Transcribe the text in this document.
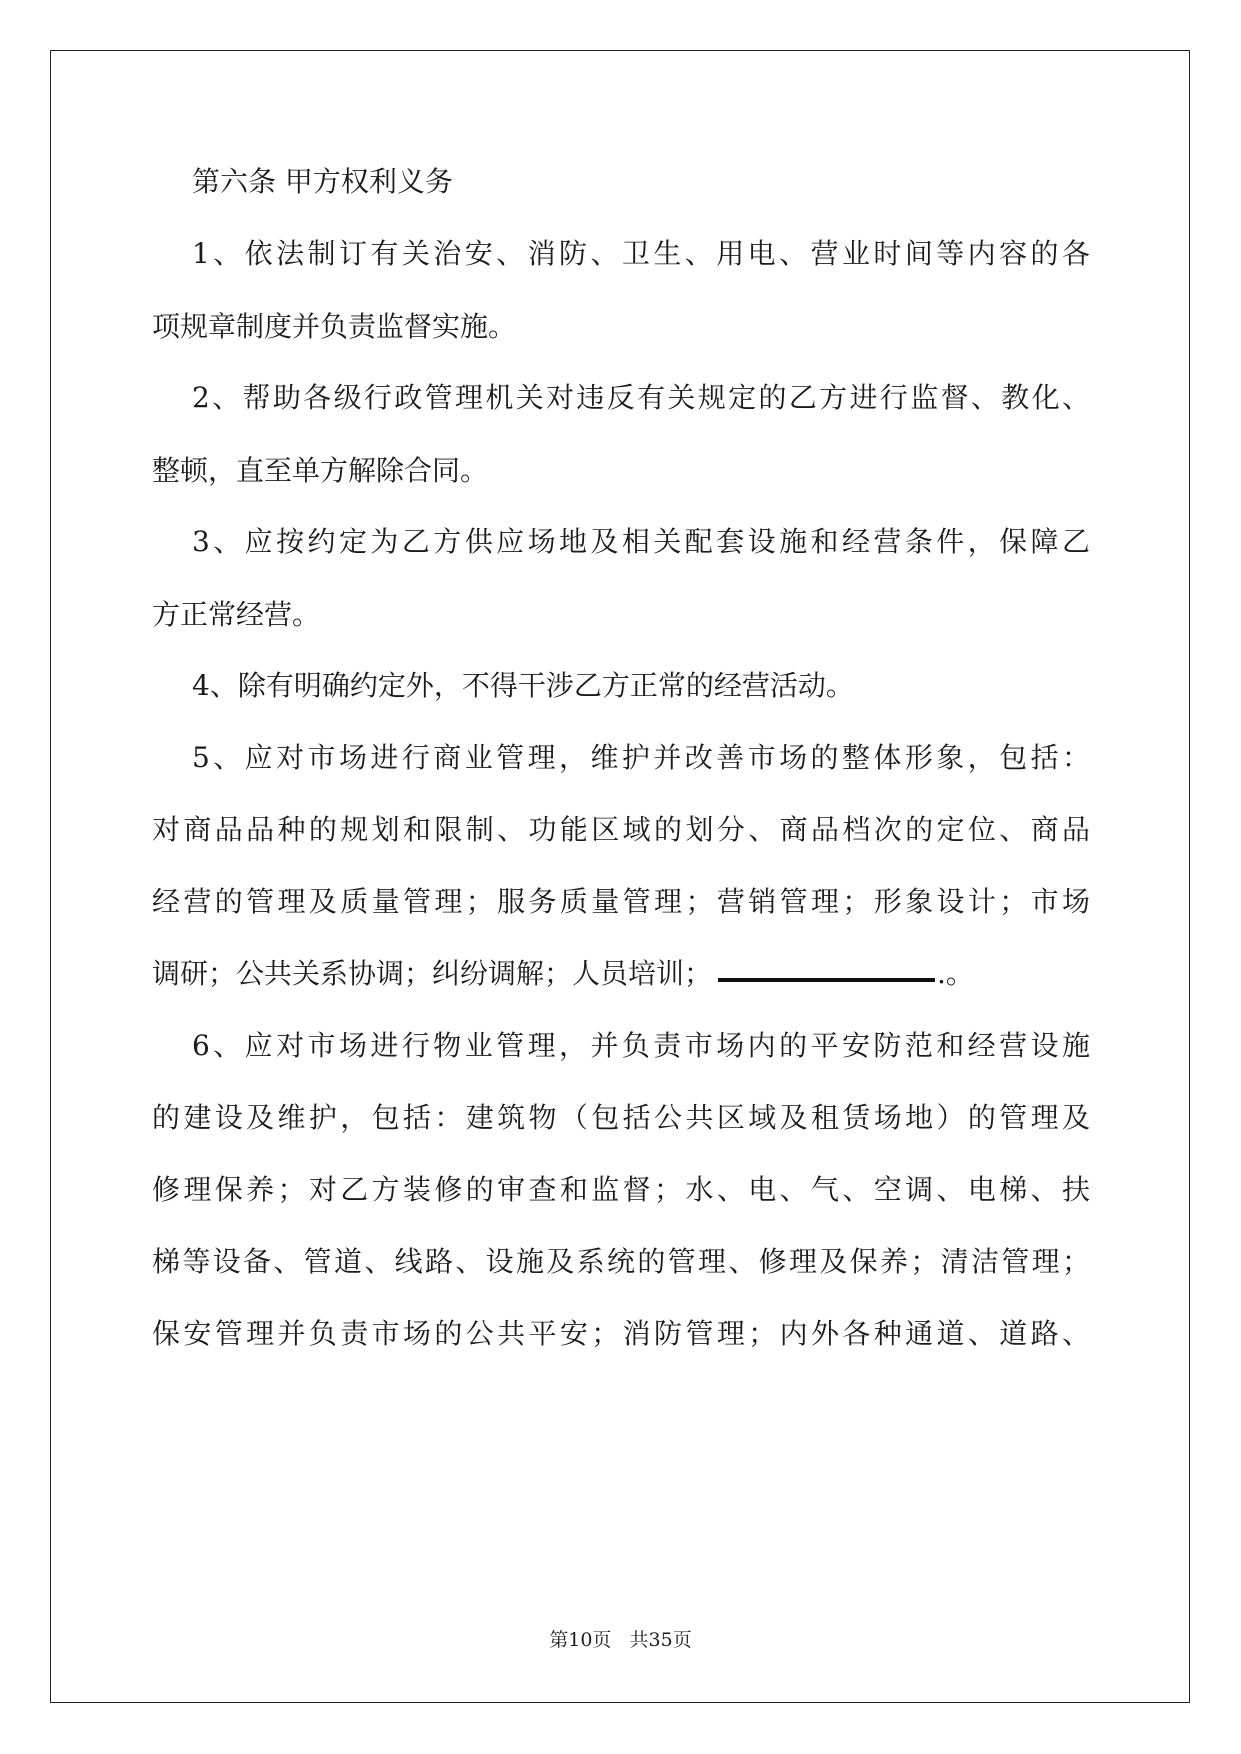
第六条 甲方权利义务
1、依法制订有关治安、消防、卫生、用电、营业时间等内容的各
项规章制度并负责监督实施。
2、帮助各级行政管理机关对违反有关规定的乙方进行监督、教化、
整顿，直至单方解除合同。
3、应按约定为乙方供应场地及相关配套设施和经营条件，保障乙
方正常经营。
4、除有明确约定外，不得干涉乙方正常的经营活动。
5、应对市场进行商业管理，维护并改善市场的整体形象，包括：
对商品品种的规划和限制、功能区域的划分、商品档次的定位、商品
经营的管理及质量管理；服务质量管理；营销管理；形象设计；市场
调研；公共关系协调；纠纷调解；人员培训；	.。
6、应对市场进行物业管理，并负责市场内的平安防范和经营设施
的建设及维护，包括：建筑物（包括公共区域及租赁场地）的管理及
修理保养；对乙方装修的审查和监督；水、电、气、空调、电梯、扶
梯等设备、管道、线路、设施及系统的管理、修理及保养；清洁管理；
保安管理并负责市场的公共平安；消防管理；内外各种通道、道路、
第10页   共35页
